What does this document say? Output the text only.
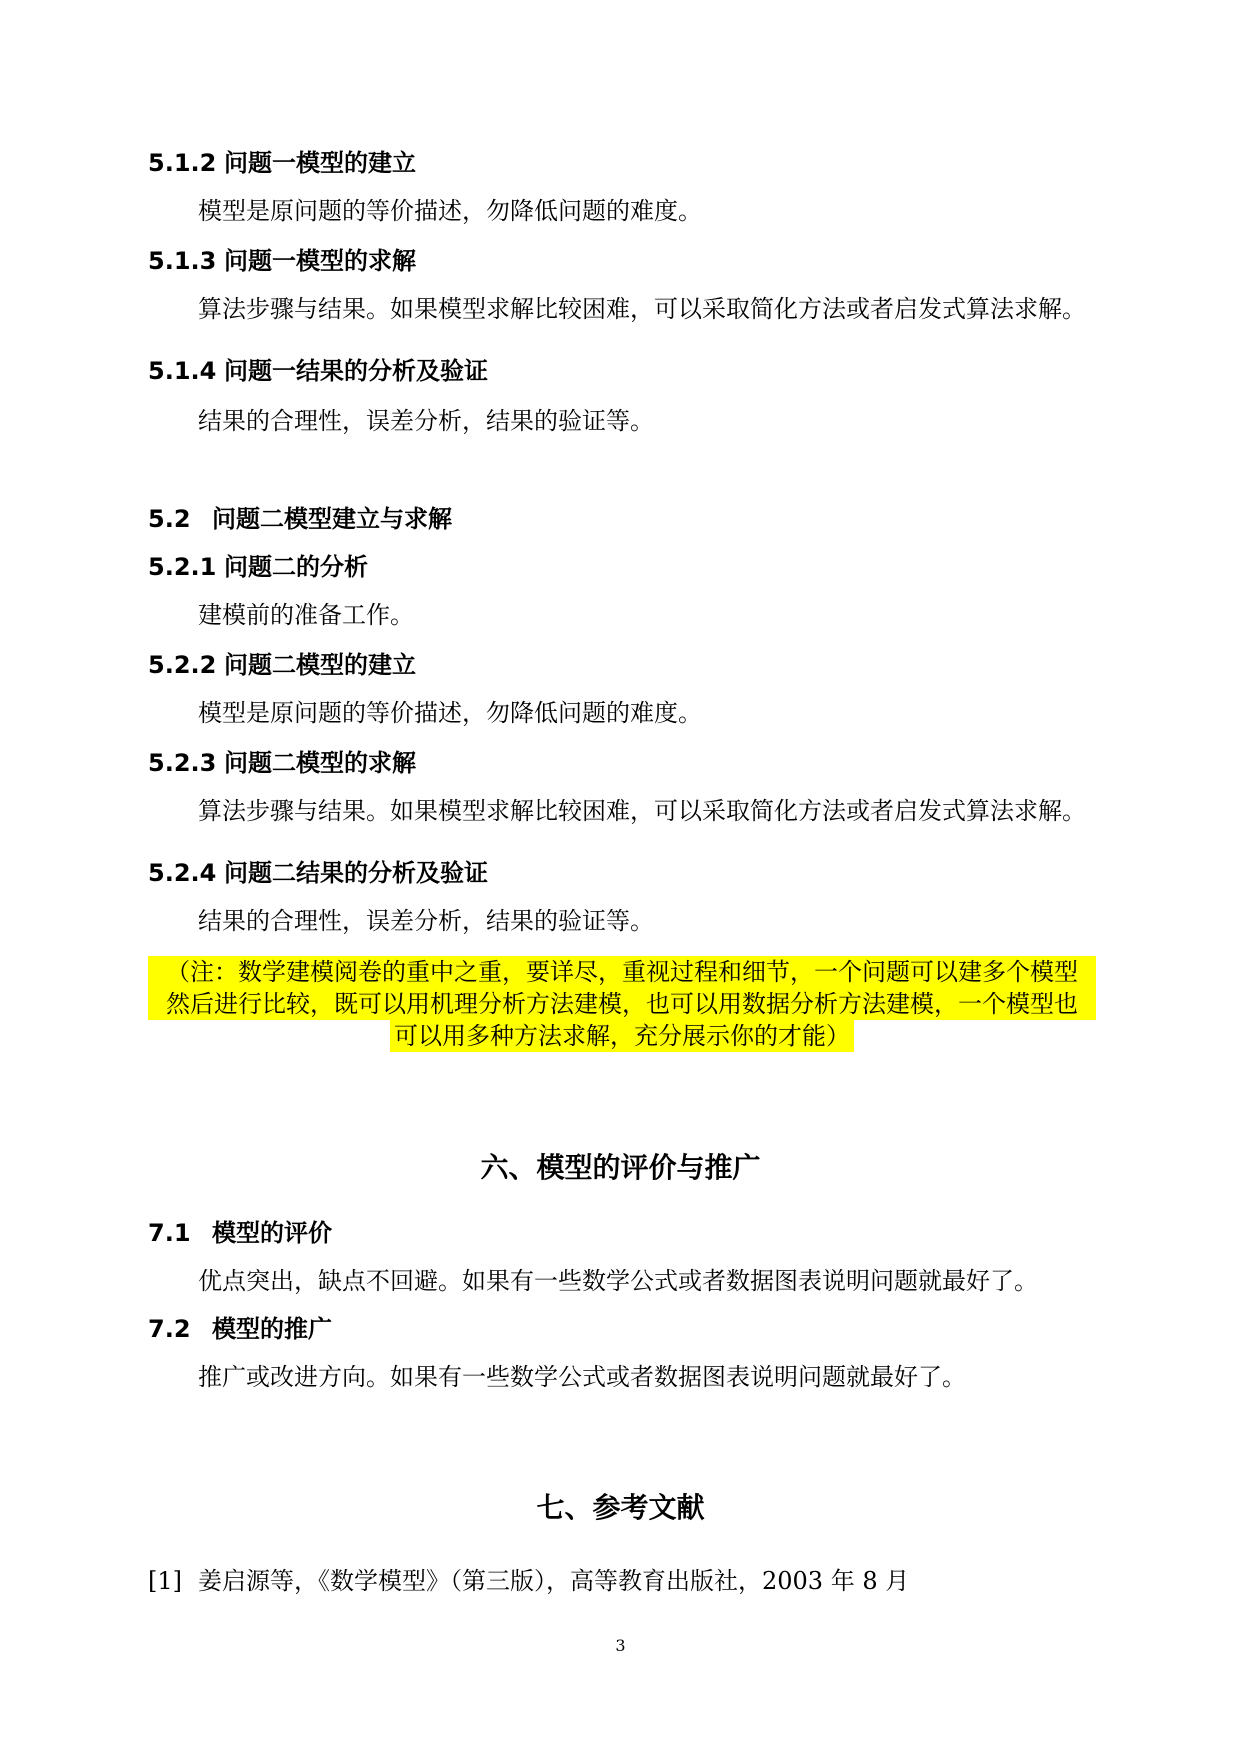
5.1.2 问题一模型的建立
模型是原问题的等价描述，勿降低问题的难度。
5.1.3 问题一模型的求解
算法步骤与结果。如果模型求解比较困难，可以采取简化方法或者启发式算法求解。
5.1.4 问题一结果的分析及验证
结果的合理性，误差分析，结果的验证等。
5.2 问题二模型建立与求解
5.2.1 问题二的分析
建模前的准备工作。
5.2.2 问题二模型的建立
模型是原问题的等价描述，勿降低问题的难度。
5.2.3 问题二模型的求解
算法步骤与结果。如果模型求解比较困难，可以采取简化方法或者启发式算法求解。
5.2.4 问题二结果的分析及验证
结果的合理性，误差分析，结果的验证等。
（注：数学建模阅卷的重中之重，要详尽，重视过程和细节，一个问题可以建多个模型
然后进行比较，既可以用机理分析方法建模，也可以用数据分析方法建模，一个模型也
可以用多种方法求解，充分展示你的才能）
六、模型的评价与推广
7.1 模型的评价
优点突出，缺点不回避。如果有一些数学公式或者数据图表说明问题就最好了。
7.2 模型的推广
推广或改进方向。如果有一些数学公式或者数据图表说明问题就最好了。
七、参考文献
[1] 姜启源等，《数学模型》（第三版），高等教育出版社，2003 年 8 月
3
